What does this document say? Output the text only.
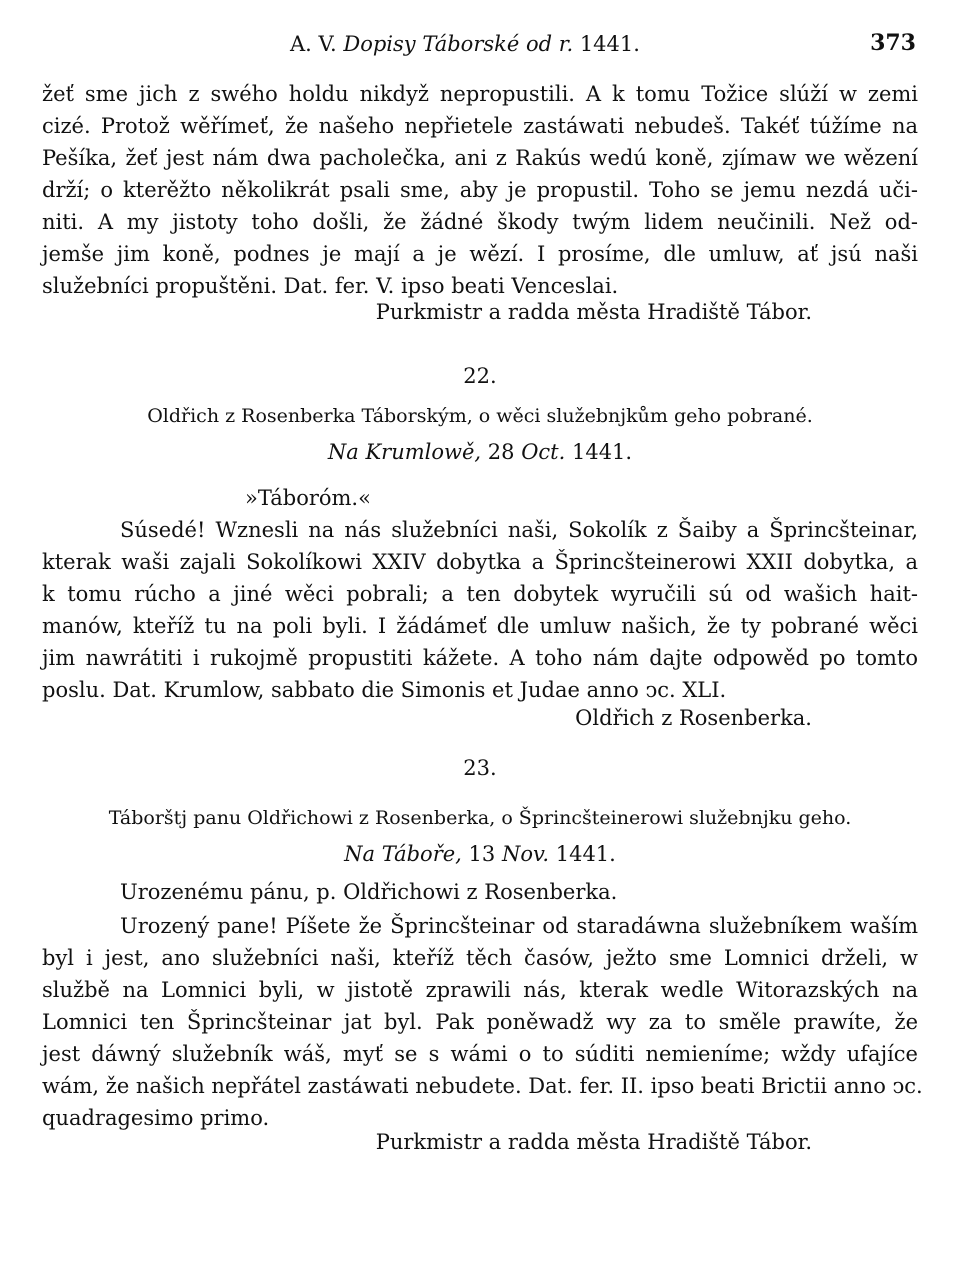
A. V. Dopisy Táborské od r. 1441.	373
žeť sme jich z swého holdu nikdyž nepropustili. A k tomu Tožice slúží w zemi
cizé. Protož wěřímeť, že našeho nepřietele zastáwati nebudeš. Takéť túžíme na
Pešíka, žeť jest nám dwa pacholečka, ani z Rakús wedú koně, zjímaw we wězení
drží; o kterěžto několikrát psali sme, aby je propustil. Toho se jemu nezdá uči-
niti. A my jistoty toho došli, že žádné škody twým lidem neučinili. Než od-
jemše jim koně, podnes je mají a je wězí. I prosíme, dle umluw, ať jsú naši
služebníci propuštěni. Dat. fer. V. ipso beati Venceslai.
Purkmistr a radda města Hradiště Tábor.
22.
Oldřich z Rosenberka Táborským, o wěci služebnjkům geho pobrané.
Na Krumlowě, 28 Oct. 1441.
»Táboróm.«
Súsedé! Wznesli na nás služebníci naši, Sokolík z Šaiby a Šprincšteinar,
kterak waši zajali Sokolíkowi XXIV dobytka a Šprincšteinerowi XXII dobytka, a
k tomu rúcho a jiné wěci pobrali; a ten dobytek wyručili sú od wašich hait-
manów, kteříž tu na poli byli. I žádámeť dle umluw našich, že ty pobrané wěci
jim nawrátiti i rukojmě propustiti kážete. A toho nám dajte odpowěd po tomto
poslu. Dat. Krumlow, sabbato die Simonis et Judae anno ↄc. XLI.
Oldřich z Rosenberka.
23.
Táborštj panu Oldřichowi z Rosenberka, o Šprincšteinerowi služebnjku geho.
Na Táboře, 13 Nov. 1441.
Urozenému pánu, p. Oldřichowi z Rosenberka.
Urozený pane! Píšete že Šprincšteinar od staradáwna služebníkem waším
byl i jest, ano služebníci naši, kteříž těch časów, ježto sme Lomnici drželi, w
službě na Lomnici byli, w jistotě zprawili nás, kterak wedle Witorazských na
Lomnici ten Šprincšteinar jat byl. Pak poněwadž wy za to směle prawíte, že
jest dáwný služebník wáš, myť se s wámi o to súditi nemieníme; wždy ufajíce
wám, že našich nepřátel zastáwati nebudete. Dat. fer. II. ipso beati Brictii anno ↄc.
quadragesimo primo.
Purkmistr a radda města Hradiště Tábor.
